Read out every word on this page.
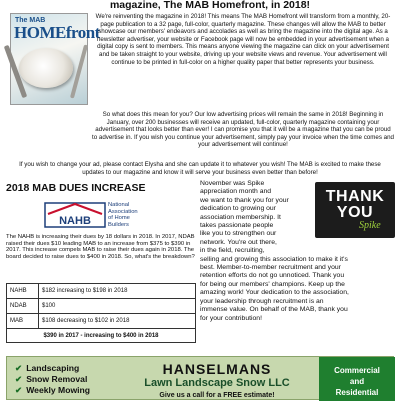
magazine, The MAB Homefront, in 2018!
The MAB
HOMEfront

We're reinventing the magazine in 2018! This means The MAB Homefront will transform from a monthly, 20-page publication to a 32 page, full-color, quarterly magazine. These changes will allow the MAB to better showcase our members' endeavors and accolades as well as bring the magazine into the digital age. As a newsletter advertiser, your website or Facebook page will now be embedded in your advertisement when a digital copy is sent to members. This means anyone viewing the magazine can click on your advertisement and be taken straight to your website, driving up your website views and revenue. Your advertisement will continue to be printed in full-color on a higher quality paper that better represents your business.

So what does this mean for you? Our low advertising prices will remain the same in 2018! Beginning in January, over 200 businesses will receive an updated, full-color, quarterly magazine containing your advertisement that looks better than ever! I can promise you that it will be a magazine that you can be proud to advertise in. If you wish you continue your advertisement, simply pay your invoice when the time comes and your advertisement will continue!

If you wish to change your ad, please contact Elysha and she can update it to whatever you wish! The MAB is excited to make these updates to our magazine and know it will serve your business even better than before!

2018 MAB DUES INCREASE
NAHB
National
Association
of Home
Builders

The NAHB is increasing their dues by 18 dollars in 2018. In 2017, NDAB raised their dues $10 leading MAB to an increase from $375 to $390 in 2017. This increase compels MAB to raise their dues again in 2018. The board decided to raise dues to $400 in 2018. So, what's the breakdown?

NAHB	$182 increasing to $198 in 2018
NDAB	$100
MAB	$108 decreasing to $102 in 2018
$390 in 2017 - increasing to $400 in 2018	
November was Spike
appreciation month and
we want to thank you for your
dedication to growing our
association membership. It
takes passionate people
like you to strengthen our
network. You're out there,
in the field, recruiting,
selling and growing this association to make it it's
best. Member-to-member recruitment and your
retention efforts do not go unnoticed. Thank you
for being our members' champions. Keep up the
amazing work! Your dedication to the association,
your leadership through recruitment is an
immense value. On behalf of the MAB, thank you
for your contribution!
THANK
YOU
Spike
✔ Landscaping
✔ Snow Removal
✔ Weekly Mowing
HANSELMANS
Lawn Landscape Snow LLC
Give us a call for a FREE estimate!
Commercial
and
Residential
